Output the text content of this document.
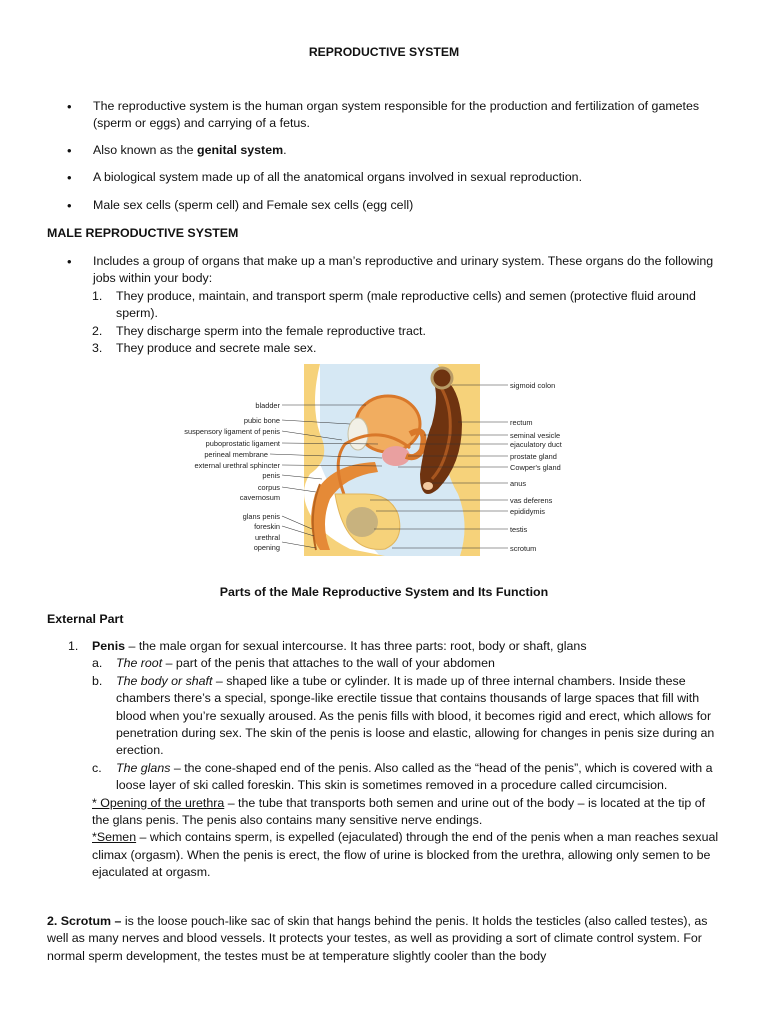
REPRODUCTIVE SYSTEM
• The reproductive system is the human organ system responsible for the production and fertilization of gametes (sperm or eggs) and carrying of a fetus.
• Also known as the genital system.
• A biological system made up of all the anatomical organs involved in sexual reproduction.
• Male sex cells (sperm cell) and Female sex cells (egg cell)
MALE REPRODUCTIVE SYSTEM
• Includes a group of organs that make up a man’s reproductive and urinary system. These organs do the following jobs within your body:
1. They produce, maintain, and transport sperm (male reproductive cells) and semen (protective fluid around sperm).
2. They discharge sperm into the female reproductive tract.
3. They produce and secrete male sex.
bladder
pubic bone
suspensory ligament of penis
puboprostatic ligament
perineal membrane
external urethral sphincter
penis
corpus
cavernosum
glans penis
foreskin
urethral
opening
sigmoid colon
rectum
seminal vesicle
ejaculatory duct
prostate gland
Cowper's gland
anus
vas deferens
epididymis
testis
scrotum
Parts of the Male Reproductive System and Its Function
External Part
1. Penis – the male organ for sexual intercourse. It has three parts: root, body or shaft, glans
a. The root – part of the penis that attaches to the wall of your abdomen
b. The body or shaft – shaped like a tube or cylinder. It is made up of three internal chambers. Inside these chambers there’s a special, sponge-like erectile tissue that contains thousands of large spaces that fill with blood when you’re sexually aroused. As the penis fills with blood, it becomes rigid and erect, which allows for penetration during sex. The skin of the penis is loose and elastic, allowing for changes in penis size during an erection.
c. The glans – the cone-shaped end of the penis. Also called as the “head of the penis”, which is covered with a loose layer of ski called foreskin. This skin is sometimes removed in a procedure called circumcision.
* Opening of the urethra – the tube that transports both semen and urine out of the body – is located at the tip of the glans penis. The penis also contains many sensitive nerve endings.
*Semen – which contains sperm, is expelled (ejaculated) through the end of the penis when a man reaches sexual climax (orgasm). When the penis is erect, the flow of urine is blocked from the urethra, allowing only semen to be ejaculated at orgasm.
2. Scrotum – is the loose pouch-like sac of skin that hangs behind the penis. It holds the testicles (also called testes), as well as many nerves and blood vessels. It protects your testes, as well as providing a sort of climate control system. For normal sperm development, the testes must be at temperature slightly cooler than the body
